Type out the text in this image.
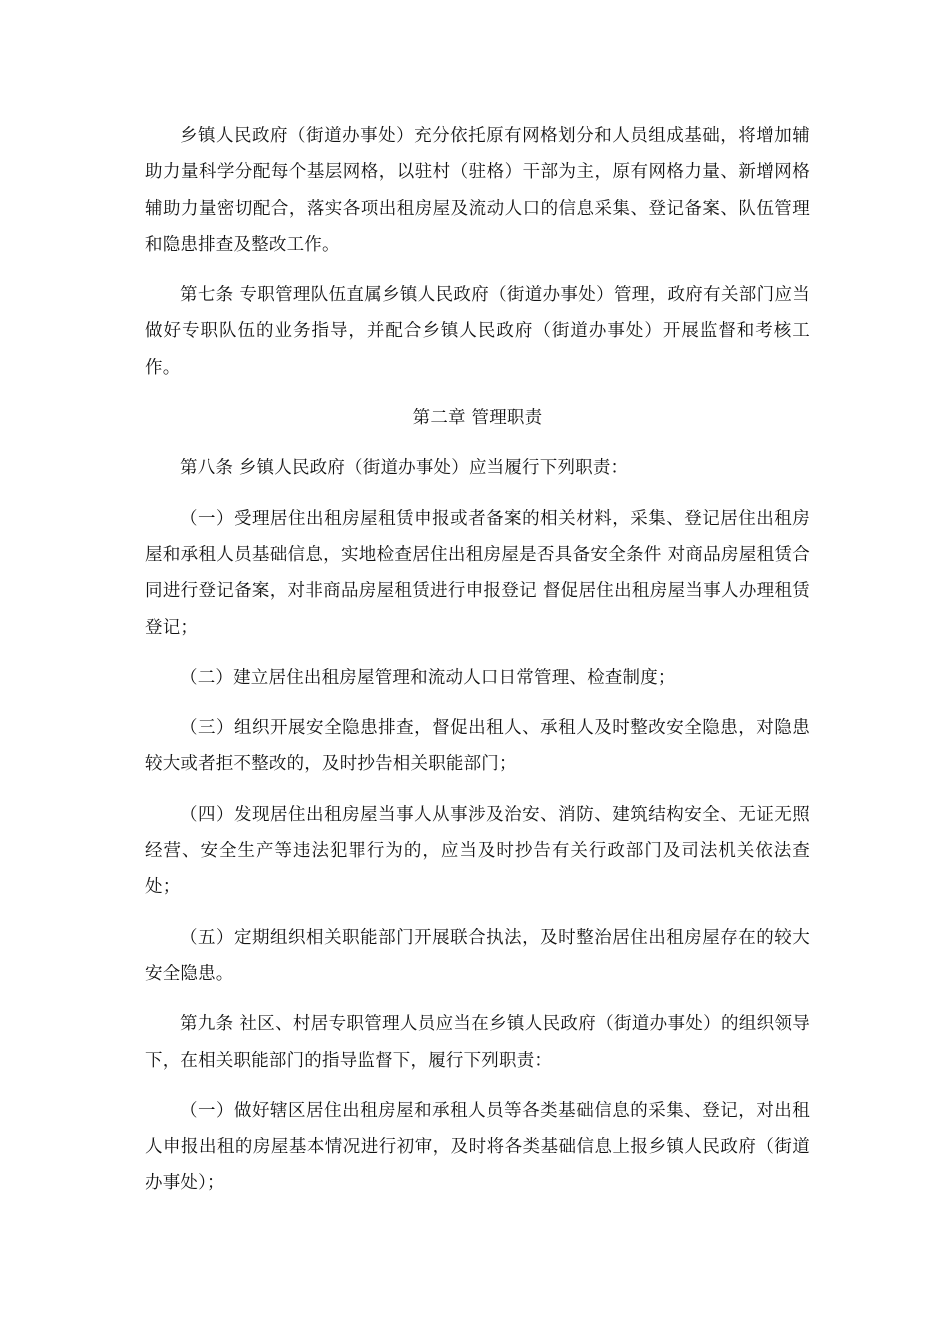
乡镇人民政府（街道办事处）充分依托原有网格划分和人员组成基础，将增加辅助力量科学分配每个基层网格，以驻村（驻格）干部为主，原有网格力量、新增网格辅助力量密切配合，落实各项出租房屋及流动人口的信息采集、登记备案、队伍管理和隐患排查及整改工作。

第七条 专职管理队伍直属乡镇人民政府（街道办事处）管理，政府有关部门应当做好专职队伍的业务指导，并配合乡镇人民政府（街道办事处）开展监督和考核工作。

第二章 管理职责

第八条 乡镇人民政府（街道办事处）应当履行下列职责：

（一）受理居住出租房屋租赁申报或者备案的相关材料，采集、登记居住出租房屋和承租人员基础信息，实地检查居住出租房屋是否具备安全条件 对商品房屋租赁合同进行登记备案，对非商品房屋租赁进行申报登记 督促居住出租房屋当事人办理租赁登记；

（二）建立居住出租房屋管理和流动人口日常管理、检查制度；

（三）组织开展安全隐患排查，督促出租人、承租人及时整改安全隐患，对隐患较大或者拒不整改的，及时抄告相关职能部门；

（四）发现居住出租房屋当事人从事涉及治安、消防、建筑结构安全、无证无照经营、安全生产等违法犯罪行为的，应当及时抄告有关行政部门及司法机关依法查处；

（五）定期组织相关职能部门开展联合执法，及时整治居住出租房屋存在的较大安全隐患。

第九条 社区、村居专职管理人员应当在乡镇人民政府（街道办事处）的组织领导下，在相关职能部门的指导监督下，履行下列职责：

（一）做好辖区居住出租房屋和承租人员等各类基础信息的采集、登记，对出租人申报出租的房屋基本情况进行初审，及时将各类基础信息上报乡镇人民政府（街道办事处）；
